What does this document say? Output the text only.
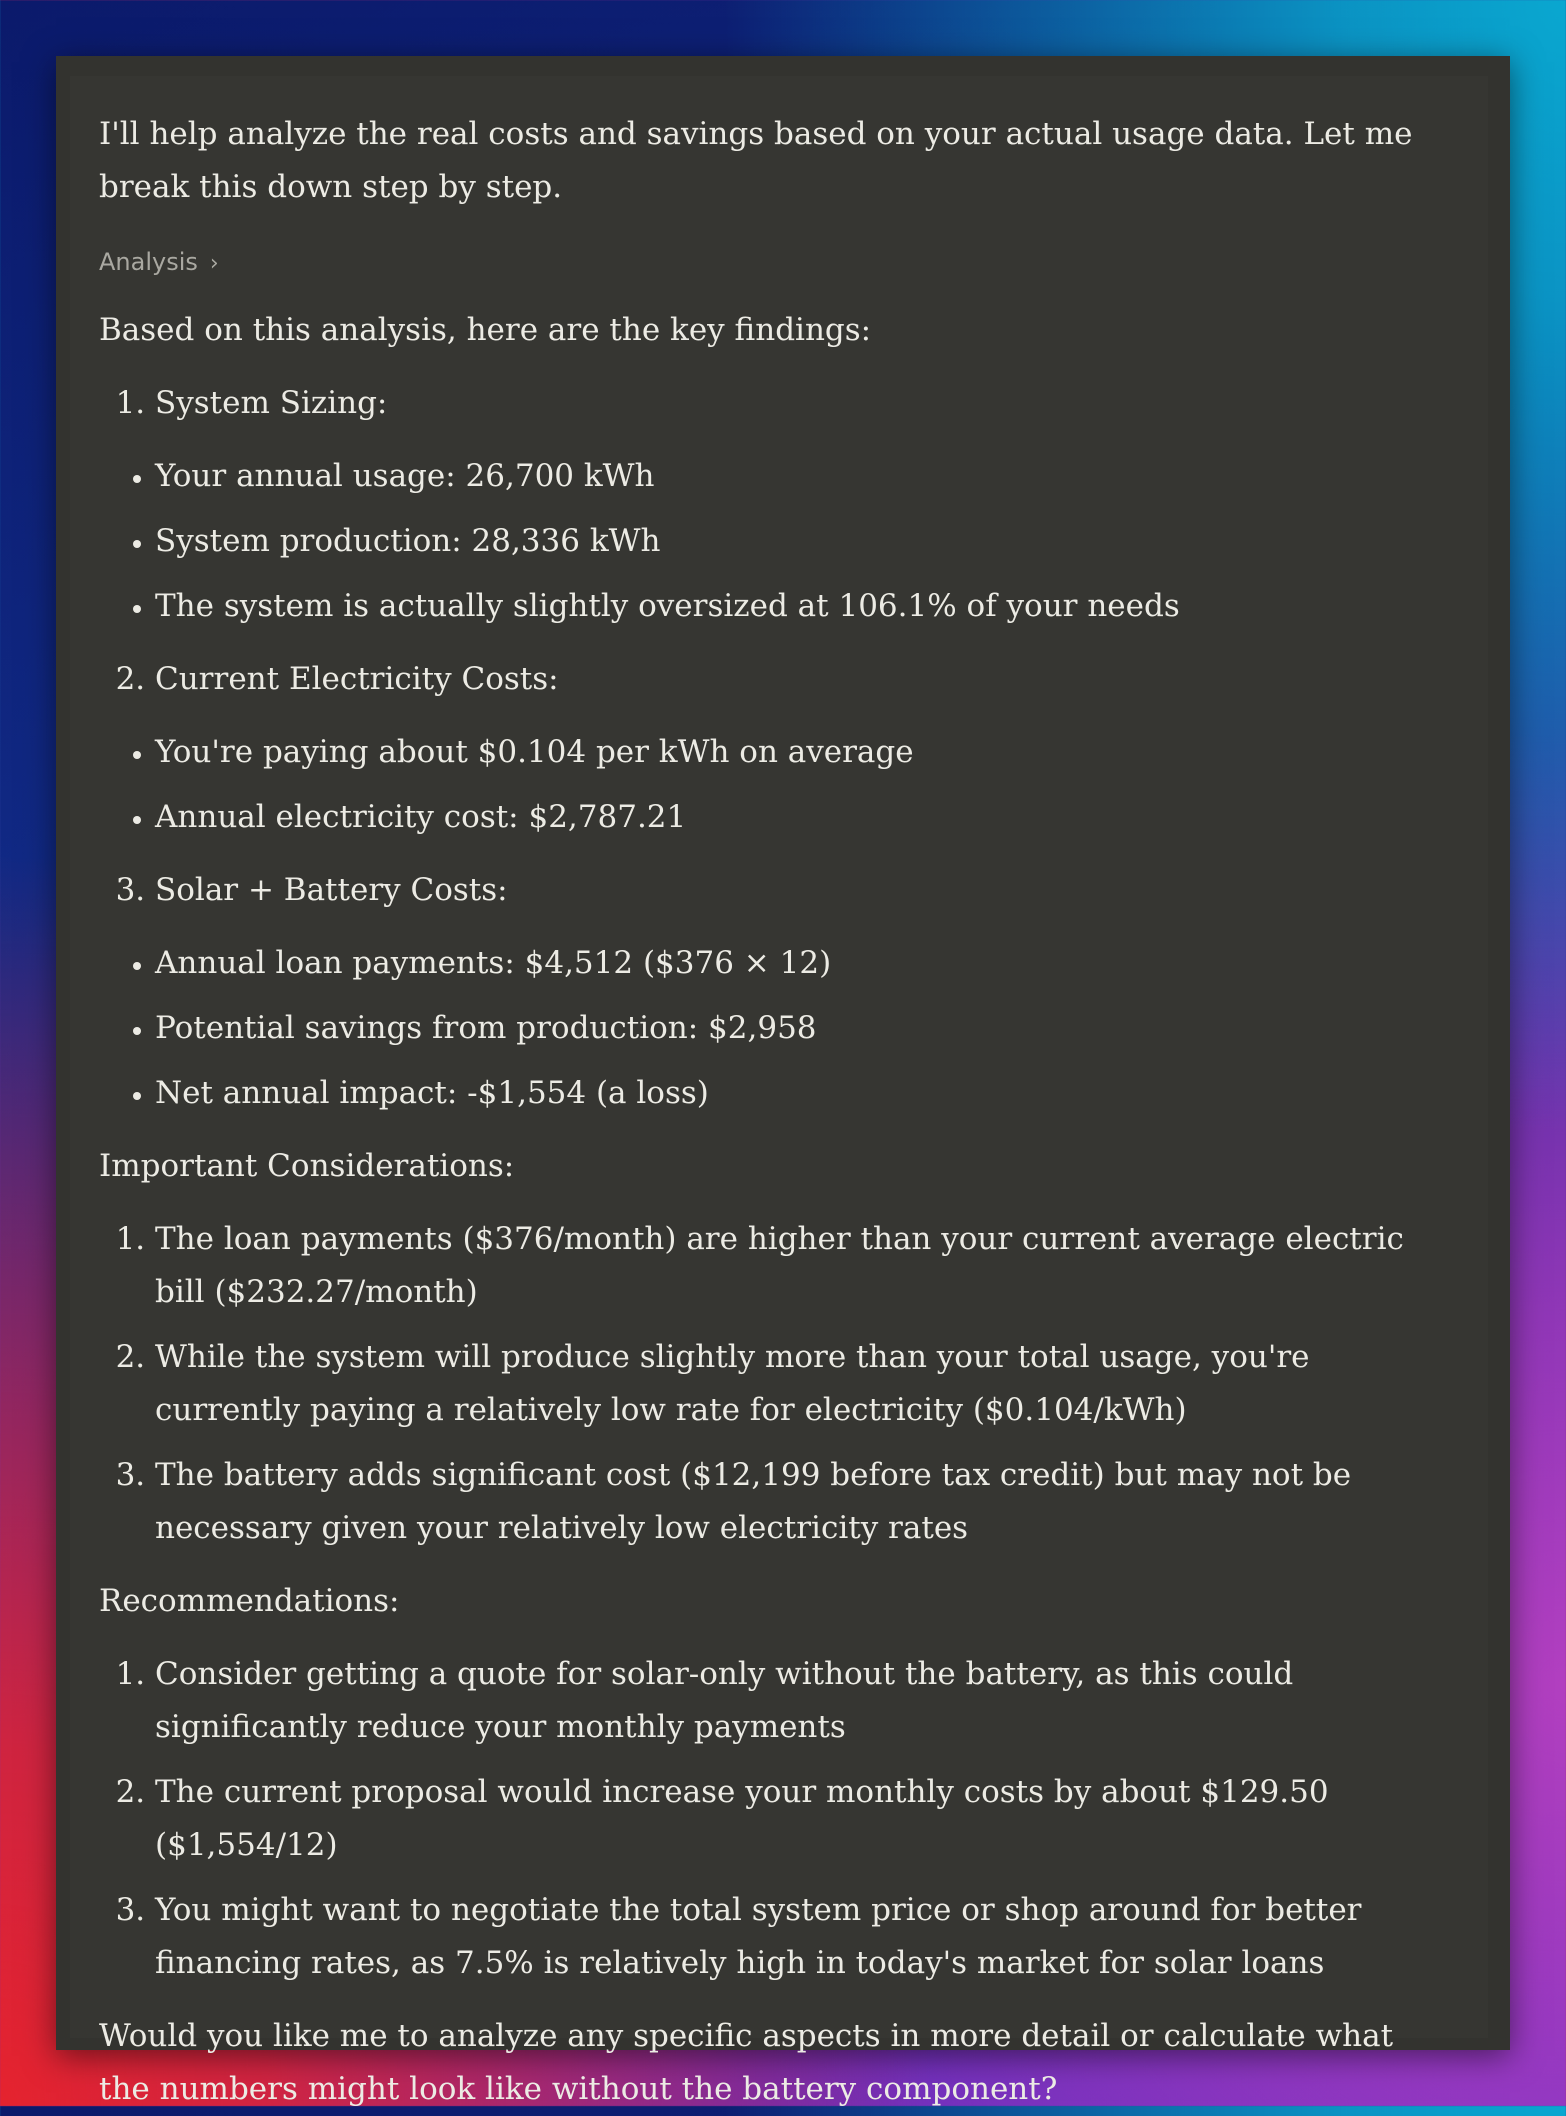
I'll help analyze the real costs and savings based on your actual usage data. Let me break this down step by step.

Analysis ›

Based on this analysis, here are the key findings:

1. System Sizing:
• Your annual usage: 26,700 kWh
• System production: 28,336 kWh
• The system is actually slightly oversized at 106.1% of your needs
2. Current Electricity Costs:
• You're paying about $0.104 per kWh on average
• Annual electricity cost: $2,787.21
3. Solar + Battery Costs:
• Annual loan payments: $4,512 ($376 × 12)
• Potential savings from production: $2,958
• Net annual impact: -$1,554 (a loss)

Important Considerations:

1. The loan payments ($376/month) are higher than your current average electric bill ($232.27/month)
2. While the system will produce slightly more than your total usage, you're currently paying a relatively low rate for electricity ($0.104/kWh)
3. The battery adds significant cost ($12,199 before tax credit) but may not be necessary given your relatively low electricity rates

Recommendations:

1. Consider getting a quote for solar-only without the battery, as this could significantly reduce your monthly payments
2. The current proposal would increase your monthly costs by about $129.50 ($1,554/12)
3. You might want to negotiate the total system price or shop around for better financing rates, as 7.5% is relatively high in today's market for solar loans

Would you like me to analyze any specific aspects in more detail or calculate what the numbers might look like without the battery component?
